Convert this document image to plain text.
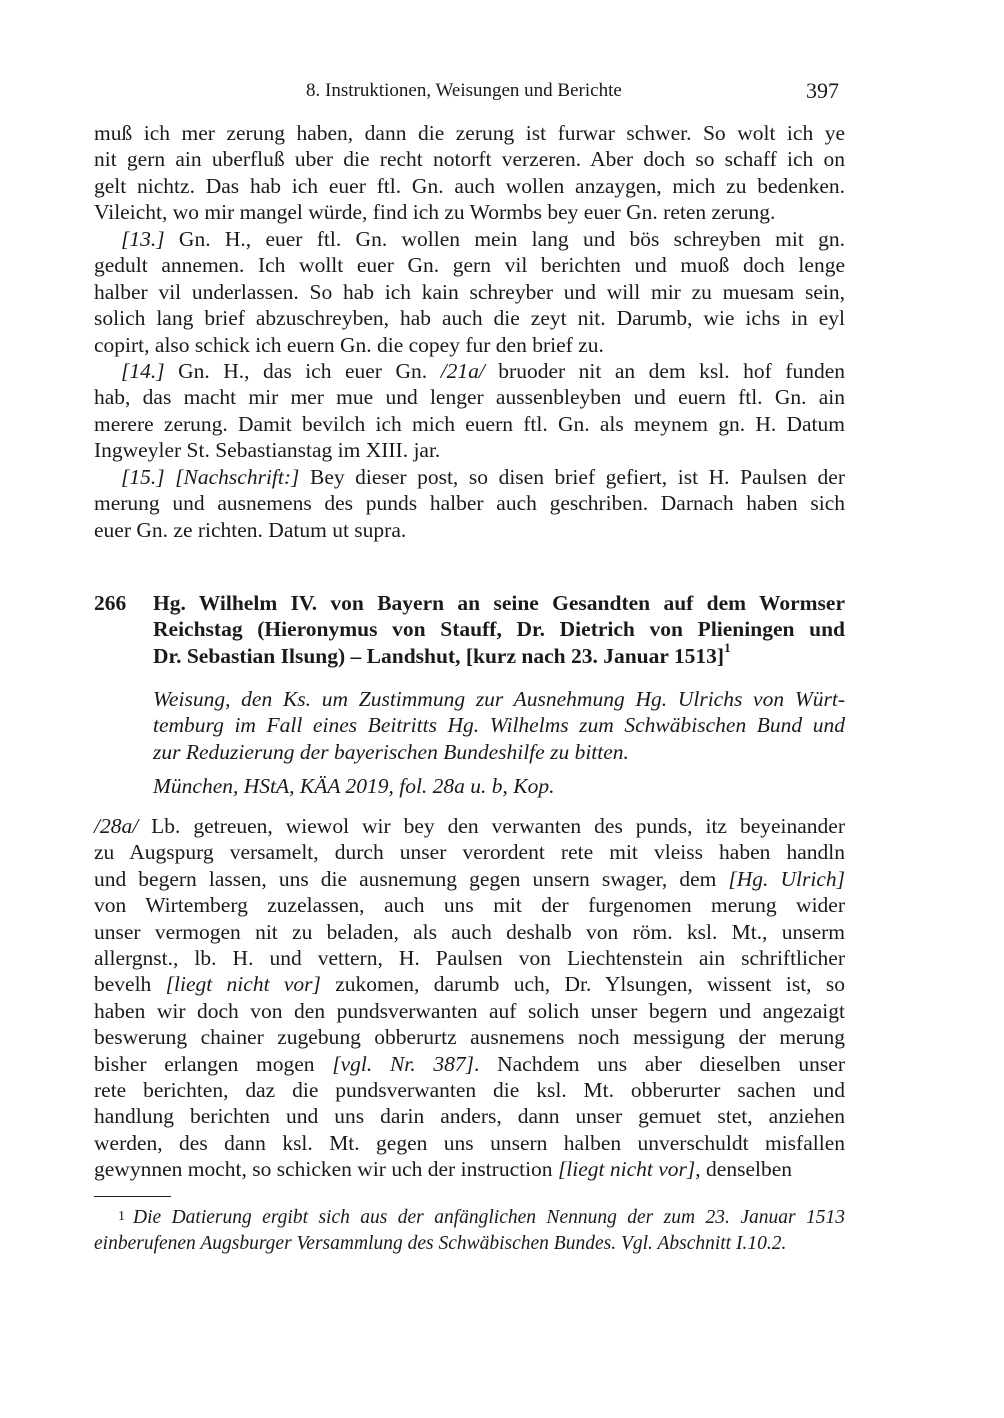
8. Instruktionen, Weisungen und Berichte	397
muß ich mer zerung haben, dann die zerung ist furwar schwer. So wolt ich ye
nit gern ain uberfluß uber die recht notorft verzeren. Aber doch so schaff ich on
gelt nichtz. Das hab ich euer ftl. Gn. auch wollen anzaygen, mich zu bedenken.
Vileicht, wo mir mangel würde, find ich zu Wormbs bey euer Gn. reten zerung.
[13.] Gn. H., euer ftl. Gn. wollen mein lang und bös schreyben mit gn.
gedult annemen. Ich wollt euer Gn. gern vil berichten und muoß doch lenge
halber vil underlassen. So hab ich kain schreyber und will mir zu muesam sein,
solich lang brief abzuschreyben, hab auch die zeyt nit. Darumb, wie ichs in eyl
copirt, also schick ich euern Gn. die copey fur den brief zu.
[14.] Gn. H., das ich euer Gn. /21a/ bruoder nit an dem ksl. hof funden
hab, das macht mir mer mue und lenger aussenbleyben und euern ftl. Gn. ain
merere zerung. Damit bevilch ich mich euern ftl. Gn. als meynem gn. H. Datum
Ingweyler St. Sebastianstag im XIII. jar.
[15.] [Nachschrift:] Bey dieser post, so disen brief gefiert, ist H. Paulsen der
merung und ausnemens des punds halber auch geschriben. Darnach haben sich
euer Gn. ze richten. Datum ut supra.
266 Hg. Wilhelm IV. von Bayern an seine Gesandten auf dem Wormser
Reichstag (Hieronymus von Stauff, Dr. Dietrich von Plieningen und
Dr. Sebastian Ilsung) – Landshut, [kurz nach 23. Januar 1513]$^1$
Weisung, den Ks. um Zustimmung zur Ausnehmung Hg. Ulrichs von Würt-
temburg im Fall eines Beitritts Hg. Wilhelms zum Schwäbischen Bund und
zur Reduzierung der bayerischen Bundeshilfe zu bitten.
München, HStA, KÄA 2019, fol. 28a u. b, Kop.
/28a/ Lb. getreuen, wiewol wir bey den verwanten des punds, itz beyeinander
zu Augspurg versamelt, durch unser verordent rete mit vleiss haben handln
und begern lassen, uns die ausnemung gegen unsern swager, dem [Hg. Ulrich]
von Wirtemberg zuzelassen, auch uns mit der furgenomen merung wider
unser vermogen nit zu beladen, als auch deshalb von röm. ksl. Mt., unserm
allergnst., lb. H. und vettern, H. Paulsen von Liechtenstein ain schriftlicher
bevelh [liegt nicht vor] zukomen, darumb uch, Dr. Ylsungen, wissent ist, so
haben wir doch von den pundsverwanten auf solich unser begern und angezaigt
beswerung chainer zugebung obberurtz ausnemens noch messigung der merung
bisher erlangen mogen [vgl. Nr. 387]. Nachdem uns aber dieselben unser
rete berichten, daz die pundsverwanten die ksl. Mt. obberurter sachen und
handlung berichten und uns darin anders, dann unser gemuet stet, anziehen
werden, des dann ksl. Mt. gegen uns unsern halben unverschuldt misfallen
gewynnen mocht, so schicken wir uch der instruction [liegt nicht vor], denselben
$^1$ Die Datierung ergibt sich aus der anfänglichen Nennung der zum 23. Januar 1513
einberufenen Augsburger Versammlung des Schwäbischen Bundes. Vgl. Abschnitt I.10.2.
